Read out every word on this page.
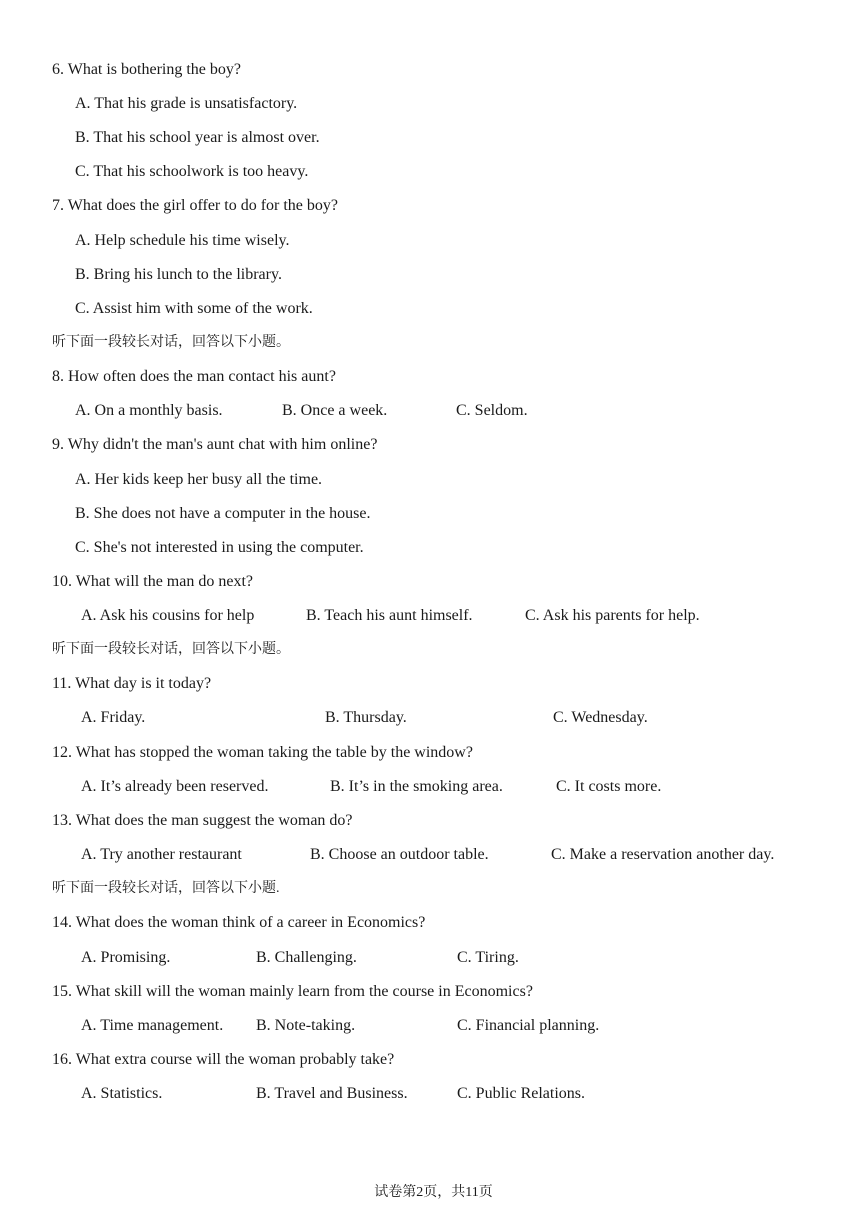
6. What is bothering the boy?
A. That his grade is unsatisfactory.
B. That his school year is almost over.
C. That his schoolwork is too heavy.
7. What does the girl offer to do for the boy?
A. Help schedule his time wisely.
B. Bring his lunch to the library.
C. Assist him with some of the work.
听下面一段较长对话，回答以下小题。
8. How often does the man contact his aunt?
A. On a monthly basis.	B. Once a week.	C. Seldom.
9. Why didn't the man's aunt chat with him online?
A. Her kids keep her busy all the time.
B. She does not have a computer in the house.
C. She's not interested in using the computer.
10. What will the man do next?
A. Ask his cousins for help	B. Teach his aunt himself.	C. Ask his parents for help.
听下面一段较长对话，回答以下小题。
11. What day is it today?
A. Friday.	B. Thursday.	C. Wednesday.
12. What has stopped the woman taking the table by the window?
A. It’s already been reserved.	B. It’s in the smoking area.	C. It costs more.
13. What does the man suggest the woman do?
A. Try another restaurant	B. Choose an outdoor table.	C. Make a reservation another day.
听下面一段较长对话，回答以下小题.
14. What does the woman think of a career in Economics?
A. Promising.	B. Challenging.	C. Tiring.
15. What skill will the woman mainly learn from the course in Economics?
A. Time management. B. Note-taking.	C. Financial planning.
16. What extra course will the woman probably take?
A. Statistics.	B. Travel and Business.	C. Public Relations.
试卷第2页，共11页
